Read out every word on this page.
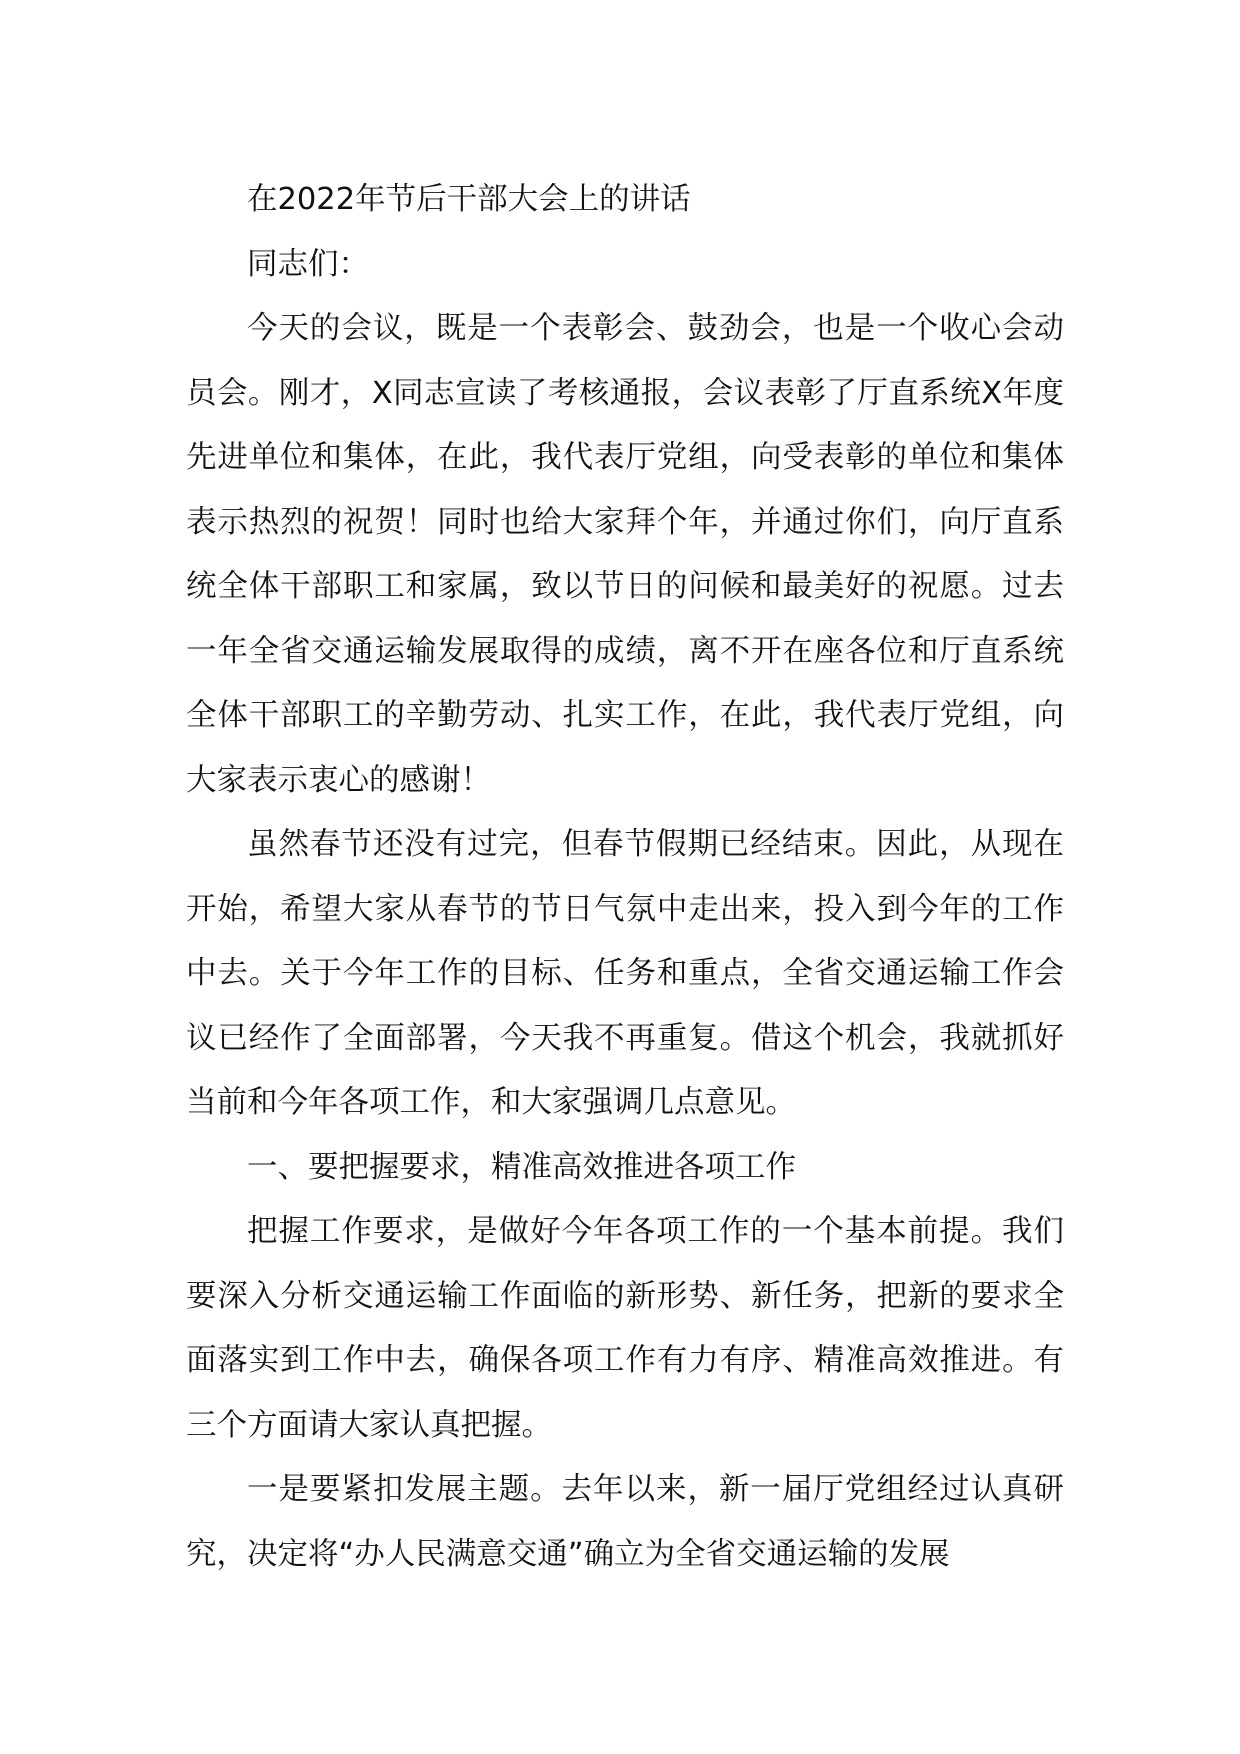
在2022年节后干部大会上的讲话

同志们：

今天的会议，既是一个表彰会、鼓劲会，也是一个收心会动员会。刚才，X同志宣读了考核通报，会议表彰了厅直系统X年度先进单位和集体，在此，我代表厅党组，向受表彰的单位和集体表示热烈的祝贺！同时也给大家拜个年，并通过你们，向厅直系统全体干部职工和家属，致以节日的问候和最美好的祝愿。过去一年全省交通运输发展取得的成绩，离不开在座各位和厅直系统全体干部职工的辛勤劳动、扎实工作，在此，我代表厅党组，向大家表示衷心的感谢！

虽然春节还没有过完，但春节假期已经结束。因此，从现在开始，希望大家从春节的节日气氛中走出来，投入到今年的工作中去。关于今年工作的目标、任务和重点，全省交通运输工作会议已经作了全面部署，今天我不再重复。借这个机会，我就抓好当前和今年各项工作，和大家强调几点意见。

一、要把握要求，精准高效推进各项工作

把握工作要求，是做好今年各项工作的一个基本前提。我们要深入分析交通运输工作面临的新形势、新任务，把新的要求全面落实到工作中去，确保各项工作有力有序、精准高效推进。有三个方面请大家认真把握。

一是要紧扣发展主题。去年以来，新一届厅党组经过认真研究，决定将“办人民满意交通”确立为全省交通运输的发展
